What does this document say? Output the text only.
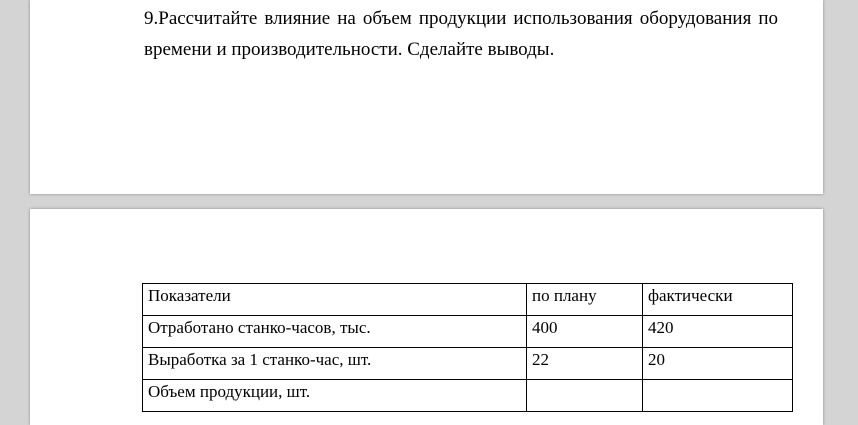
9.Рассчитайте влияние на объем продукции использования оборудования по времени и производительности. Сделайте выводы.

Показатели	по плану	фактически
Отработано станко-часов, тыс.	400	420
Выработка за 1 станко-час, шт.	22	20
Объем продукции, шт.		
